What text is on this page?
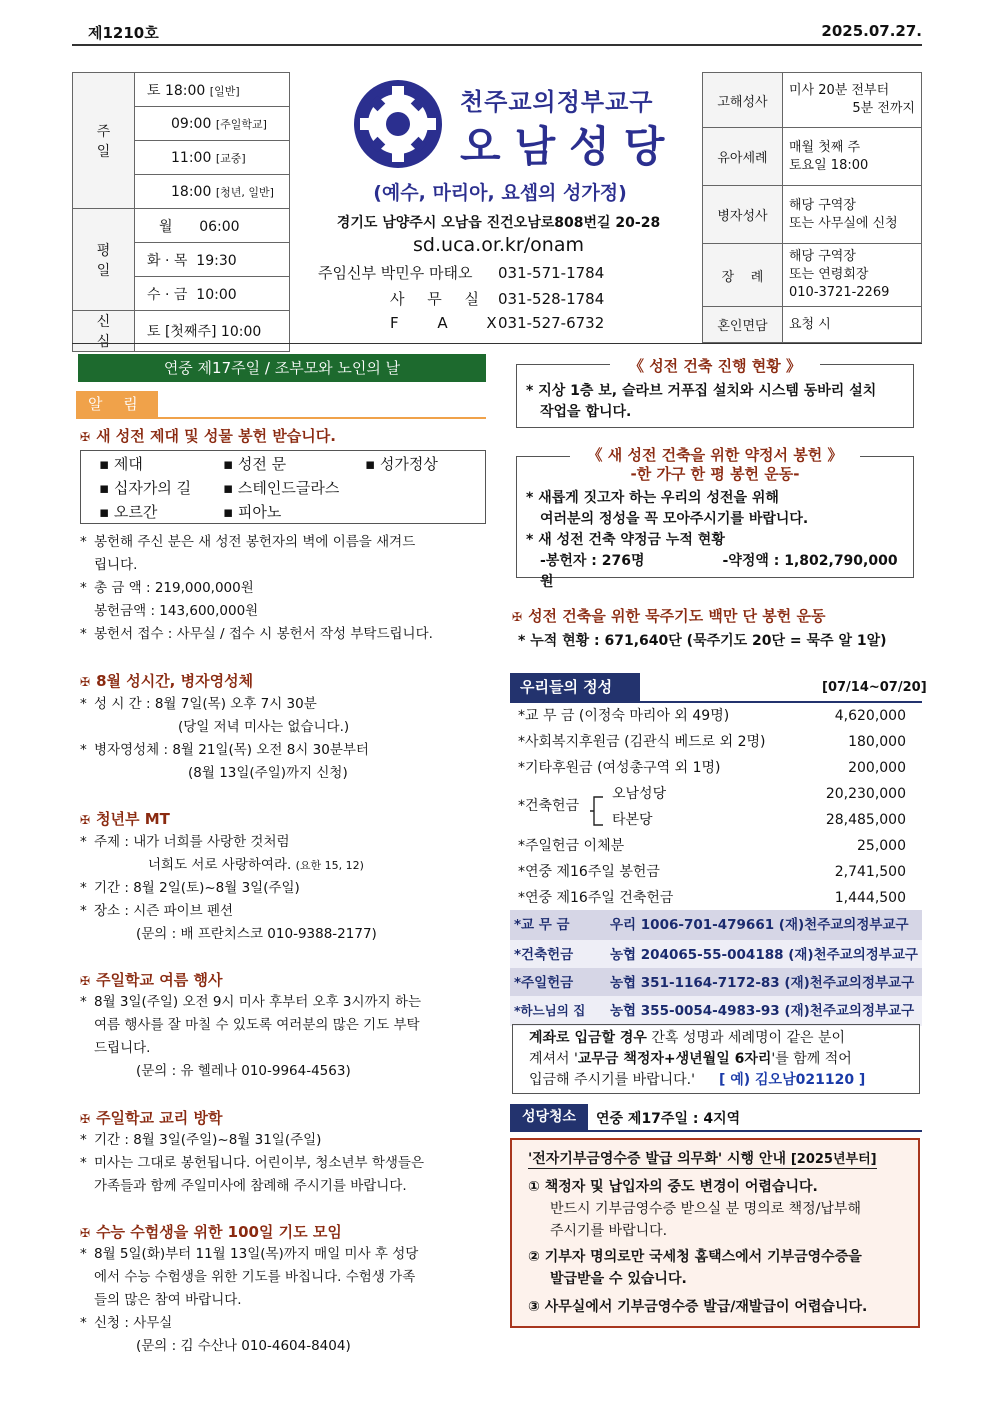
제1210호	2025.07.27.
주 일	토 18:00 [일반]
	09:00 [주일학교]
	11:00 [교중]
	18:00 [청년, 일반]
평 일	월      06:00
	화 · 목  19:30
	수 · 금  10:00
신 심	토 [첫째주] 10:00
천주교의정부교구
오남성당
(예수, 마리아, 요셉의 성가정)
경기도 남양주시 오남읍 진건오남로808번길 20-28
sd.uca.or.kr/onam
주임신부 박민우 마태오 031-571-1784
사 무 실 031-528-1784
F A X031-527-6732
고해성사	미사 20분 전부터
5분 전까지

유아세례	매월 첫째 주
토요일 18:00

병자성사	해당 구역장
또는 사무실에 신청

장    례	해당 구역장
또는 연령회장
010-3721-2269

혼인면담	요청 시
연중 제17주일 / 조부모와 노인의 날
알 림
✠ 새 성전 제대 및 성물 봉헌 받습니다.
▪ 제대	▪ 성전 문	▪ 성가정상
▪ 십자가의 길 ▪ 스테인드글라스
▪ 오르간	▪ 피아노
* 봉헌해 주신 분은 새 성전 봉헌자의 벽에 이름을 새겨드
립니다.
* 총 금 액 : 219,000,000원
봉헌금액 : 143,600,000원
* 봉헌서 접수 : 사무실 / 접수 시 봉헌서 작성 부탁드립니다.
✠ 8월 성시간, 병자영성체
* 성 시 간 : 8월 7일(목) 오후 7시 30분
(당일 저녁 미사는 없습니다.)
* 병자영성체 : 8월 21일(목) 오전 8시 30분부터
(8월 13일(주일)까지 신청)
✠ 청년부 MT
* 주제 : 내가 너희를 사랑한 것처럼
너희도 서로 사랑하여라. (요한 15, 12)
* 기간 : 8월 2일(토)~8월 3일(주일)
* 장소 : 시즌 파이브 펜션
(문의 : 배 프란치스코 010-9388-2177)
✠ 주일학교 여름 행사
* 8월 3일(주일) 오전 9시 미사 후부터 오후 3시까지 하는
여름 행사를 잘 마칠 수 있도록 여러분의 많은 기도 부탁
드립니다.
(문의 : 유 헬레나 010-9964-4563)
✠ 주일학교 교리 방학
* 기간 : 8월 3일(주일)~8월 31일(주일)
* 미사는 그대로 봉헌됩니다. 어린이부, 청소년부 학생들은
가족들과 함께 주일미사에 참례해 주시기를 바랍니다.
✠ 수능 수험생을 위한 100일 기도 모임
* 8월 5일(화)부터 11월 13일(목)까지 매일 미사 후 성당
에서 수능 수험생을 위한 기도를 바칩니다. 수험생 가족
들의 많은 참여 바랍니다.
* 신청 : 사무실
(문의 : 김 수산나 010-4604-8404)
《 성전 건축 진행 현황 》
* 지상 1층 보, 슬라브 거푸집 설치와 시스템 동바리 설치
작업을 합니다.
《 새 성전 건축을 위한 약정서 봉헌 》
-한 가구 한 평 봉헌 운동-
* 새롭게 짓고자 하는 우리의 성전을 위해
여러분의 정성을 꼭 모아주시기를 바랍니다.
* 새 성전 건축 약정금 누적 현황
-봉헌자 : 276명	-약정액 : 1,802,790,000원
✠ 성전 건축을 위한 묵주기도 백만 단 봉헌 운동
* 누적 현황 : 671,640단 (묵주기도 20단 = 묵주 알 1알)
우리들의 정성	[07/14~07/20]
*교 무 금 (이정숙 마리아 외 49명)	4,620,000
*사회복지후원금 (김관식 베드로 외 2명)	180,000
*기타후원금 (여성총구역 외 1명)	200,000
*건축헌금
오남성당	20,230,000
타본당	28,485,000
*주일헌금 이체분	25,000
*연중 제16주일 봉헌금	2,741,500
*연중 제16주일 건축헌금	1,444,500
*교 무 금	우리 1006-701-479661 (재)천주교의정부교구
*건축헌금	농협 204065-55-004188 (재)천주교의정부교구
*주일헌금	농협 351-1164-7172-83 (재)천주교의정부교구
*하느님의 집 농협 355-0054-4983-93 (재)천주교의정부교구
계좌로 입금할 경우 간혹 성명과 세례명이 같은 분이
계셔서 '교무금 책정자+생년월일 6자리'를 함께 적어
입금해 주시기를 바랍니다.' [ 예) 김오남021120 ]
성당청소	연중 제17주일 : 4지역
'전자기부금영수증 발급 의무화' 시행 안내 [2025년부터]
① 책정자 및 납입자의 중도 변경이 어렵습니다.
반드시 기부금영수증 받으실 분 명의로 책정/납부해
주시기를 바랍니다.
② 기부자 명의로만 국세청 홈택스에서 기부금영수증을
발급받을 수 있습니다.
③ 사무실에서 기부금영수증 발급/재발급이 어렵습니다.
